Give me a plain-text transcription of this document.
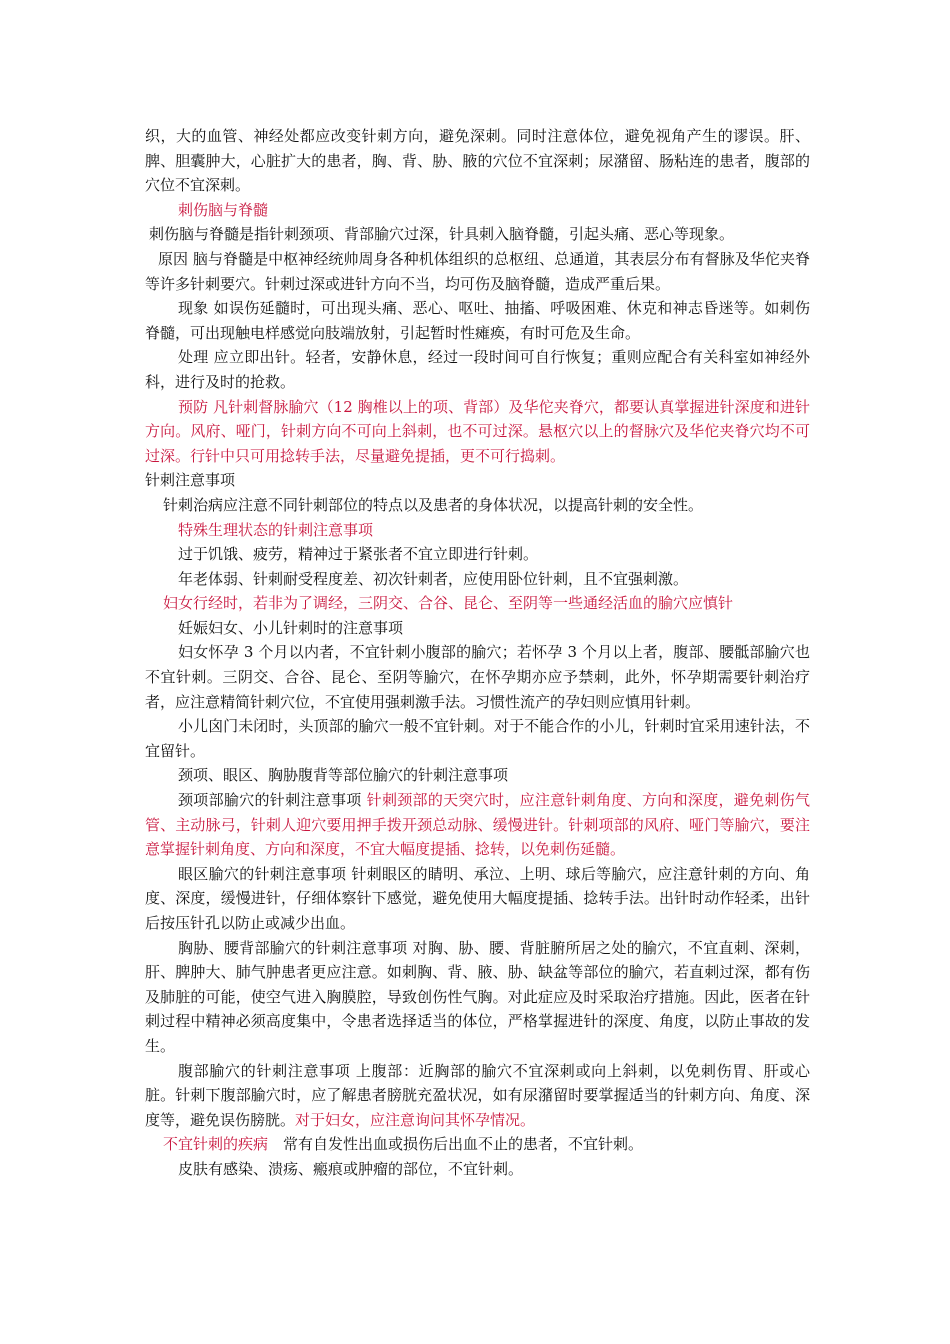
织，大的血管、神经处都应改变针刺方向，避免深刺。同时注意体位，避免视角产生的谬误。肝、脾、胆囊肿大，心脏扩大的患者，胸、背、胁、腋的穴位不宜深刺；尿潴留、肠粘连的患者，腹部的穴位不宜深刺。

刺伤脑与脊髓

刺伤脑与脊髓是指针刺颈项、背部腧穴过深，针具刺入脑脊髓，引起头痛、恶心等现象。

原因 脑与脊髓是中枢神经统帅周身各种机体组织的总枢纽、总通道，其表层分布有督脉及华佗夹脊等许多针刺要穴。针刺过深或进针方向不当，均可伤及脑脊髓，造成严重后果。

现象 如误伤延髓时，可出现头痛、恶心、呕吐、抽搐、呼吸困难、休克和神志昏迷等。如刺伤脊髓，可出现触电样感觉向肢端放射，引起暂时性瘫痪，有时可危及生命。

处理 应立即出针。轻者，安静休息，经过一段时间可自行恢复；重则应配合有关科室如神经外科，进行及时的抢救。

预防 凡针刺督脉腧穴（12 胸椎以上的项、背部）及华佗夹脊穴，都要认真掌握进针深度和进针方向。风府、哑门，针刺方向不可向上斜刺，也不可过深。悬枢穴以上的督脉穴及华佗夹脊穴均不可过深。行针中只可用捻转手法，尽量避免提插，更不可行捣刺。

针刺注意事项

针刺治病应注意不同针刺部位的特点以及患者的身体状况，以提高针刺的安全性。

特殊生理状态的针刺注意事项

过于饥饿、疲劳，精神过于紧张者不宜立即进行针刺。

年老体弱、针刺耐受程度差、初次针刺者，应使用卧位针刺，且不宜强刺激。

妇女行经时，若非为了调经，三阴交、合谷、昆仑、至阴等一些通经活血的腧穴应慎针

妊娠妇女、小儿针刺时的注意事项

妇女怀孕 3 个月以内者，不宜针刺小腹部的腧穴；若怀孕 3 个月以上者，腹部、腰骶部腧穴也不宜针刺。三阴交、合谷、昆仑、至阴等腧穴，在怀孕期亦应予禁刺，此外，怀孕期需要针刺治疗者，应注意精简针刺穴位，不宜使用强刺激手法。习惯性流产的孕妇则应慎用针刺。

小儿囟门未闭时，头顶部的腧穴一般不宜针刺。对于不能合作的小儿，针刺时宜采用速针法，不宜留针。

颈项、眼区、胸胁腹背等部位腧穴的针刺注意事项

颈项部腧穴的针刺注意事项 针刺颈部的天突穴时，应注意针刺角度、方向和深度，避免刺伤气管、主动脉弓，针刺人迎穴要用押手拨开颈总动脉、缓慢进针。针刺项部的风府、哑门等腧穴，要注意掌握针刺角度、方向和深度，不宜大幅度提插、捻转，以免刺伤延髓。

眼区腧穴的针刺注意事项 针刺眼区的睛明、承泣、上明、球后等腧穴，应注意针刺的方向、角度、深度，缓慢进针，仔细体察针下感觉，避免使用大幅度提插、捻转手法。出针时动作轻柔，出针后按压针孔以防止或减少出血。

胸胁、腰背部腧穴的针刺注意事项 对胸、胁、腰、背脏腑所居之处的腧穴，不宜直刺、深刺，肝、脾肿大、肺气肿患者更应注意。如刺胸、背、腋、胁、缺盆等部位的腧穴，若直刺过深，都有伤及肺脏的可能，使空气进入胸膜腔，导致创伤性气胸。对此症应及时采取治疗措施。因此，医者在针刺过程中精神必须高度集中，令患者选择适当的体位，严格掌握进针的深度、角度，以防止事故的发生。

腹部腧穴的针刺注意事项 上腹部：近胸部的腧穴不宜深刺或向上斜刺，以免刺伤胃、肝或心脏。针刺下腹部腧穴时，应了解患者膀胱充盈状况，如有尿潴留时要掌握适当的针刺方向、角度、深度等，避免误伤膀胱。对于妇女，应注意询问其怀孕情况。

不宜针刺的疾病　常有自发性出血或损伤后出血不止的患者，不宜针刺。

皮肤有感染、溃疡、瘢痕或肿瘤的部位，不宜针刺。
